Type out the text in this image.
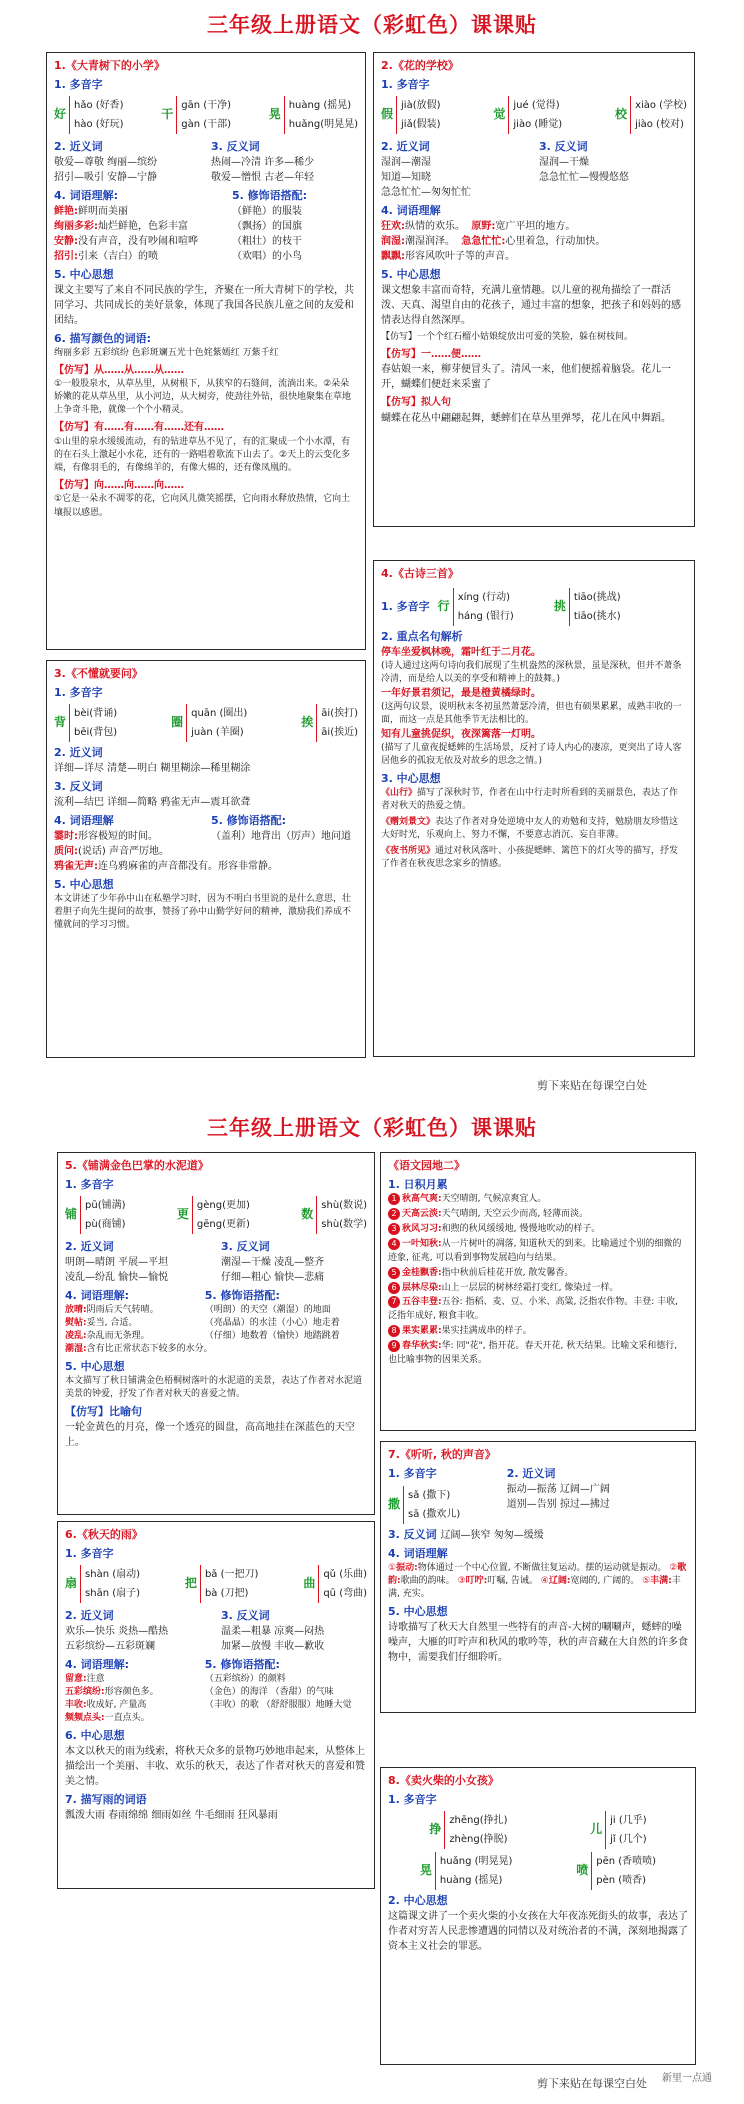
三年级上册语文（彩虹色）课课贴
1.《大青树下的小学》
1. 多音字
好
hǎo (好香)
hào (好玩)
干
gān (干净)
gàn (干部)
晃
huàng (摇晃)
huǎng(明晃晃)
2. 近义词
敬爱—尊敬 绚丽—缤纷
招引—吸引 安静—宁静
3. 反义词
热闹—冷清 许多—稀少
敬爱—憎恨 古老—年轻
4. 词语理解:
鲜艳:鲜明而美丽
绚丽多彩:灿烂鲜艳，色彩丰富
安静:没有声音，没有吵闹和喧哗
招引:引来（吉白）的喷
5. 修饰语搭配:
（鲜艳）的服装
（飘扬）的国旗
（粗壮）的枝干
（欢唱）的小鸟
5. 中心思想
课文主要写了来自不同民族的学生，齐聚在一所大青树下的学校，共同学习、共同成长的美好景象，体现了我国各民族儿童之间的友爱和团结。
6. 描写颜色的词语:
绚丽多彩 五彩缤纷 色彩斑斓五光十色姹紫嫣红 万紫千红
【仿写】从……从……从……
①一般股泉水，从草丛里，从树根下，从狭窄的石缝间，流淌出来。②朵朵娇嫩的花从草丛里，从小河边，从大树旁，使劲往外钻，很快地聚集在草地上争奇斗艳，就像一个个小精灵。
【仿写】有……有……有……还有……
①山里的泉水缓缓流动，有的钻进草丛不见了，有的汇聚成一个小水潭，有的在石头上激起小水花，还有的一路唱着歌流下山去了。②天上的云变化多端，有像羽毛的，有像绵羊的，有像大棉的，还有像凤凰的。
【仿写】向……向……向……
①它是一朵永不凋零的花，它向风儿微笑摇摆，它向雨水释放热情，它向土壤报以感恩。
2.《花的学校》
1. 多音字
假
jià(放假)
jiǎ(假装)
觉
jué (觉得)
jiào (睡觉)
校
xiào (学校)
jiào (校对)
2. 近义词
湿润—潮湿
知道—知晓
急急忙忙—匆匆忙忙
3. 反义词
湿润—干燥
急急忙忙—慢慢悠悠
4. 词语理解
狂欢:纵情的欢乐。 原野:宽广平坦的地方。
润湿:潮湿润泽。 急急忙忙:心里着急，行动加快。
飘飘:形容风吹叶子等的声音。
5. 中心思想
课文想象丰富而奇特，充满儿童情趣。以儿童的视角描绘了一群活泼、天真、渴望自由的花孩子，通过丰富的想象，把孩子和妈妈的感情表达得自然深厚。
【仿写】一个个红石榴小姑娘绽放出可爱的笑脸，躲在树枝间。
【仿写】一……便……
春姑娘一来，柳芽便冒头了。清风一来，他们便摇着脑袋。花儿一开，蝴蝶们便赶来采蜜了
【仿写】拟人句
蝴蝶在花丛中翩翩起舞，蟋蟀们在草丛里弹琴，花儿在风中舞蹈。
4.《古诗三首》
1. 多音字 行
xíng (行动)
háng (银行)
挑
tiāo(挑战)
tiāo(挑水)
2. 重点名句解析
停车坐爱枫林晚，霜叶红于二月花。
(诗人通过这两句诗向我们展现了生机盎然的深秋景，虽是深秋，但并不萧条冷清，而是给人以美的享受和精神上的鼓舞。)
一年好景君须记，最是橙黄橘绿时。
(这两句议景，说明秋末冬初虽然萧瑟冷清，但也有硕果累累，成熟丰收的一面，而这一点是其他季节无法相比的。
知有儿童挑促织，夜深篱落一灯明。
(描写了儿童夜捉蟋蟀的生活场景，反衬了诗人内心的凄凉，更突出了诗人客居他乡的孤寂无依及对故乡的思念之情。)
3. 中心思想
《山行》描写了深秋时节，作者在山中行走时所看到的美丽景色，表达了作者对秋天的热爱之情。
《赠刘景文》表达了作者对身处逆境中友人的劝勉和支持，勉励朋友珍惜这大好时光，乐观向上、努力不懈，不要意志消沉、妄自菲薄。
《夜书所见》通过对秋风落叶、小孩捉蟋蟀、篱笆下的灯火等的描写，抒发了作者在秋夜思念家乡的情感。
3.《不懂就要问》
1. 多音字
背
bèi(背诵)
bēi(背包)
圈
quān (圈出)
juàn (羊圈)
挨
āi(挨打)
āi(挨近)
2. 近义词
详细—详尽 清楚—明白 糊里糊涂—稀里糊涂
3. 反义词
流利—结巴 详细—简略 鸦雀无声—震耳欲聋
4. 词语理解
霎时:形容极短的时间。
5. 修饰语搭配:
（盖利）地背出（厉声）地问道
质问:(说话) 声音严厉地。
鸦雀无声:连乌鸦麻雀的声音都没有。形容非常静。
5. 中心思想
本文讲述了少年孙中山在私塾学习时，因为不明白书里说的是什么意思，壮着胆子向先生提问的故事，赞扬了孙中山勤学好问的精神，激励我们养成不懂就问的学习习惯。
剪下来贴在每课空白处
三年级上册语文（彩虹色）课课贴
5.《铺满金色巴掌的水泥道》
1. 多音字
铺
pū(铺满)
pù(商铺)
更
gèng(更加)
gēng(更新)
数
shù(数说)
shù(数学)
2. 近义词
明朗—晴朗 平展—平坦
凌乱—纷乱 愉快—愉悦
3. 反义词
潮湿—干燥 凌乱—整齐
仔细—粗心 愉快—悲痛
4. 词语理解:
放晴:阴雨后天气转晴。
熨帖:妥当, 合适。
凌乱:杂乱而无条理。
5. 修饰语搭配:
（明朗）的天空（潮湿）的地面
（亮晶晶）的水洼（小心）地走着
（仔细）地数着（愉快）地踏跳着
潮湿:含有比正常状态下较多的水分。
5. 中心思想
本文描写了秋日铺满金色梧桐树落叶的水泥道的美景，表达了作者对水泥道美景的钟爱，抒发了作者对秋天的喜爱之情。
【仿写】比喻句
一轮金黄色的月亮，像一个透亮的圆盘，高高地挂在深蓝色的天空上。
《语文园地二》
1. 日积月累
1 秋高气爽:天空晴朗, 气候凉爽宜人。
2 天高云淡:天气晴朗, 天空云少而高, 轻薄而淡。
3 秋风习习:和煦的秋风缓缓地, 慢慢地吹动的样子。
4 一叶知秋:从一片树叶的凋落, 知道秋天的到来。比喻通过个别的细微的迹象, 征兆, 可以看到事物发展趋向与结果。
5 金桂飘香:指中秋前后桂花开放, 散发馨香。
6 层林尽染:山上一层层的树林经霜打变红, 像染过一样。
7 五谷丰登:五谷: 指稻、麦、豆、小米、高粱, 泛指农作物。丰登: 丰收, 泛指年成好, 粮食丰收。
8 果实累累:果实挂满成串的样子。
9 春华秋实:华: 同"花", 指开花。春天开花, 秋天结果。比喻文采和德行, 也比喻事物的因果关系。
7.《听听, 秋的声音》
1. 多音字
撒
sǎ (撒下)
sā (撒欢儿)
2. 近义词
振动—振荡 辽阔—广阔
道别—告别 掠过—拂过
3. 反义词 辽阔—狭窄 匆匆—缓缓
4. 词语理解
①振动:物体通过一个中心位置, 不断做往复运动。摆的运动就是振动。 ②歌韵:歌曲的韵味。 ③叮咛:叮嘱, 告诫。 ④辽阔:宽阔的, 广阔的。 ⑤丰满:丰满, 充实。
5. 中心思想
诗歌描写了秋天大自然里一些特有的声音-大树的唰唰声，蟋蟀的噪噪声，大雁的叮咛声和秋风的歌吟等，秋的声音藏在大自然的许多食物中，需要我们仔细聆听。
6.《秋天的雨》
1. 多音字
扇
shàn (扇动)
shān (扇子)
把
bǎ (一把刀)
bà (刀把)
曲
qǔ (乐曲)
qū (弯曲)
2. 近义词
欢乐—快乐 炎热—酷热
五彩缤纷—五彩斑斓
3. 反义词
温柔—粗暴 凉爽—闷热
加紧—放慢 丰收—歉收
4. 词语理解:
留意:注意
五彩缤纷:形容颜色多。
丰收:收成好, 产量高
频频点头:一直点头。
5. 修饰语搭配:
（五彩缤纷）的颜料
（金色）的海洋 （香甜）的气味
（丰收）的歌 （舒舒服服）地睡大觉
6. 中心思想
本文以秋天的雨为线索，将秋天众多的景物巧妙地串起来，从整体上描绘出一个美丽、丰收、欢乐的秋天，表达了作者对秋天的喜爱和赞美之情。
7. 描写雨的词语
瓢泼大雨 春雨绵绵 细雨如丝 牛毛细雨 狂风暴雨
8.《卖火柴的小女孩》
1. 多音字
挣
zhēng(挣扎)
zhèng(挣脱)
儿
ji (几乎)
jǐ (几个)
晃
huǎng (明晃晃)
huàng (摇晃)
喷
pēn (香喷喷)
pèn (喷香)
2. 中心思想
这篇课文讲了一个卖火柴的小女孩在大年夜冻死街头的故事，表达了作者对穷苦人民悲惨遭遇的同情以及对统治者的不满，深刻地揭露了资本主义社会的罪恶。
剪下来贴在每课空白处 新里一点通
